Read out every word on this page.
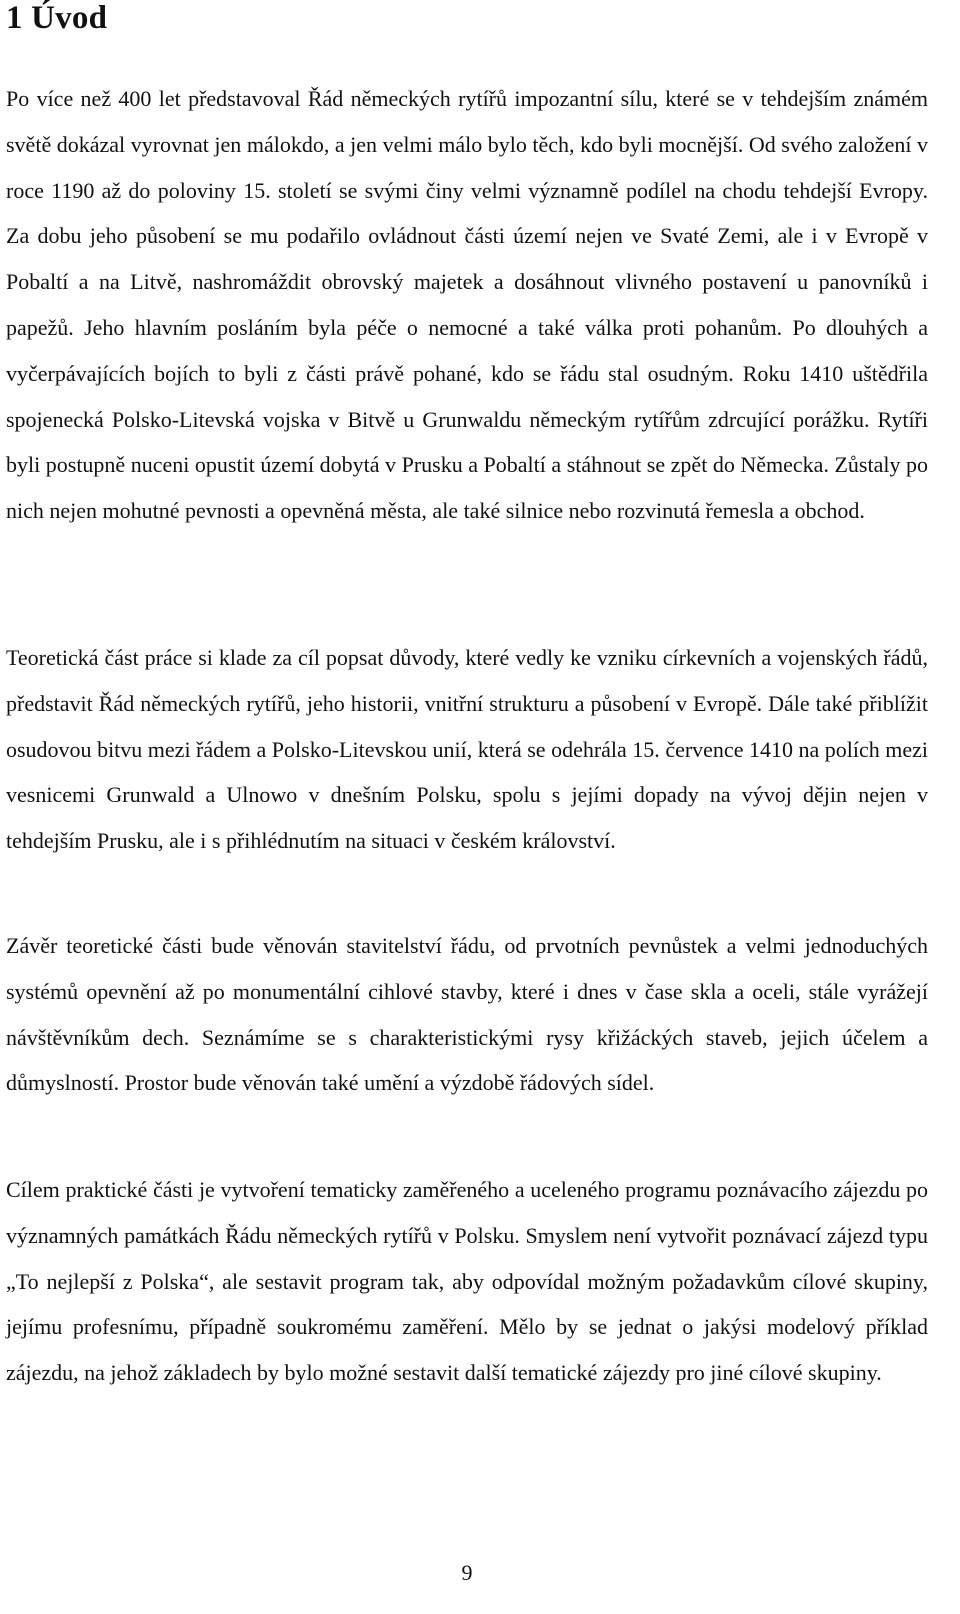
1 Úvod

Po více než 400 let představoval Řád německých rytířů impozantní sílu, které se v tehdejším známém světě dokázal vyrovnat jen málokdo, a jen velmi málo bylo těch, kdo byli mocnější. Od svého založení v roce 1190 až do poloviny 15. století se svými činy velmi významně podílel na chodu tehdejší Evropy. Za dobu jeho působení se mu podařilo ovládnout části území nejen ve Svaté Zemi, ale i v Evropě v Pobaltí a na Litvě, nashromáždit obrovský majetek a dosáhnout vlivného postavení u panovníků i papežů. Jeho hlavním posláním byla péče o nemocné a také válka proti pohanům. Po dlouhých a vyčerpávajících bojích to byli z části právě pohané, kdo se řádu stal osudným. Roku 1410 uštědřila spojenecká Polsko-Litevská vojska v Bitvě u Grunwaldu německým rytířům zdrcující porážku. Rytíři byli postupně nuceni opustit území dobytá v Prusku a Pobaltí a stáhnout se zpět do Německa. Zůstaly po nich nejen mohutné pevnosti a opevněná města, ale také silnice nebo rozvinutá řemesla a obchod.

Teoretická část práce si klade za cíl popsat důvody, které vedly ke vzniku církevních a vojenských řádů, představit Řád německých rytířů, jeho historii, vnitřní strukturu a působení v Evropě. Dále také přiblížit osudovou bitvu mezi řádem a Polsko-Litevskou unií, která se odehrála 15. července 1410 na polích mezi vesnicemi Grunwald a Ulnowo v dnešním Polsku, spolu s jejími dopady na vývoj dějin nejen v tehdejším Prusku, ale i s přihlédnutím na situaci v českém království.

Závěr teoretické části bude věnován stavitelství řádu, od prvotních pevnůstek a velmi jednoduchých systémů opevnění až po monumentální cihlové stavby, které i dnes v čase skla a oceli, stále vyrážejí návštěvníkům dech. Seznámíme se s charakteristickými rysy křižáckých staveb, jejich účelem a důmyslností. Prostor bude věnován také umění a výzdobě řádových sídel.

Cílem praktické části je vytvoření tematicky zaměřeného a uceleného programu poznávacího zájezdu po významných památkách Řádu německých rytířů v Polsku. Smyslem není vytvořit poznávací zájezd typu „To nejlepší z Polska“, ale sestavit program tak, aby odpovídal možným požadavkům cílové skupiny, jejímu profesnímu, případně soukromému zaměření. Mělo by se jednat o jakýsi modelový příklad zájezdu, na jehož základech by bylo možné sestavit další tematické zájezdy pro jiné cílové skupiny.

9
